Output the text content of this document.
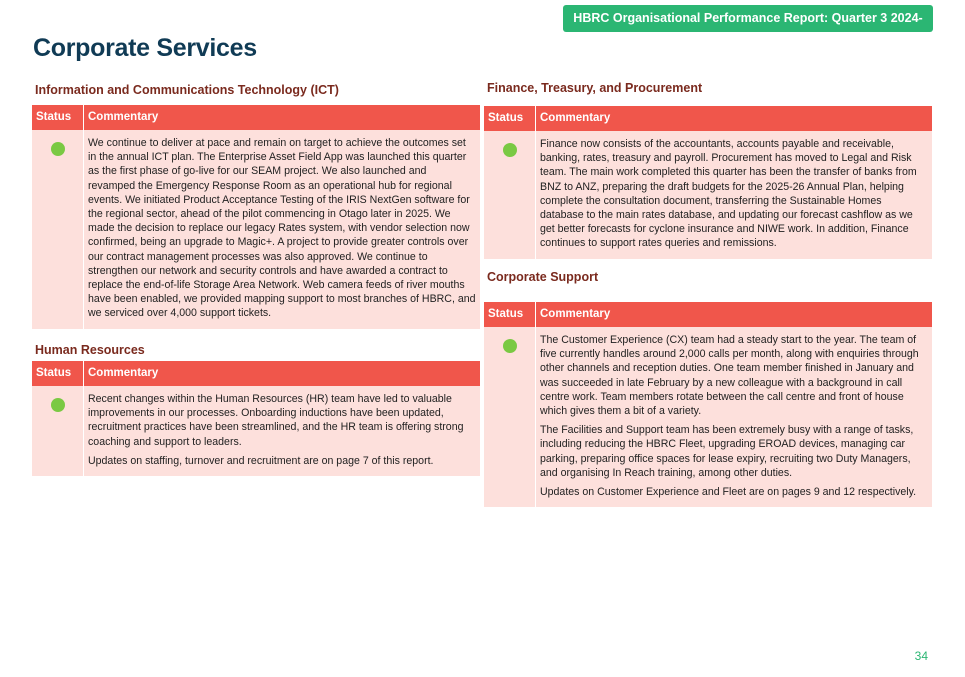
HBRC Organisational Performance Report: Quarter 3 2024-2025
Corporate Services
Information and Communications Technology (ICT)
Status	Commentary

	We continue to deliver at pace and remain on target to achieve the outcomes set in the annual ICT plan. The Enterprise Asset Field App was launched this quarter as the first phase of go-live for our SEAM project. We also launched and revamped the Emergency Response Room as an operational hub for regional events. We initiated Product Acceptance Testing of the IRIS NextGen software for the regional sector, ahead of the pilot commencing in Otago later in 2025. We made the decision to replace our legacy Rates system, with vendor selection now confirmed, being an upgrade to Magic+. A project to provide greater controls over our contract management processes was also approved. We continue to strengthen our network and security controls and have awarded a contract to replace the end-of-life Storage Area Network. Web camera feeds of river mouths have been enabled, we provided mapping support to most branches of HBRC, and we serviced over 4,000 support tickets.

Human Resources
Status	Commentary

	Recent changes within the Human Resources (HR) team have led to valuable improvements in our processes. Onboarding inductions have been updated, recruitment practices have been streamlined, and the HR team is offering strong coaching and support to leaders.

Updates on staffing, turnover and recruitment are on page 7 of this report.

Finance, Treasury, and Procurement
Status	Commentary

	Finance now consists of the accountants, accounts payable and receivable, banking, rates, treasury and payroll. Procurement has moved to Legal and Risk team. The main work completed this quarter has been the transfer of banks from BNZ to ANZ, preparing the draft budgets for the 2025-26 Annual Plan, helping complete the consultation document, transferring the Sustainable Homes database to the main rates database, and updating our forecast cashflow as we get better forecasts for cyclone insurance and NIWE work. In addition, Finance continues to support rates queries and remissions.

Corporate Support
Status	Commentary

	The Customer Experience (CX) team had a steady start to the year. The team of five currently handles around 2,000 calls per month, along with enquiries through other channels and reception duties. One team member finished in January and was succeeded in late February by a new colleague with a background in call centre work. Team members rotate between the call centre and front of house which gives them a bit of a variety.

The Facilities and Support team has been extremely busy with a range of tasks, including reducing the HBRC Fleet, upgrading EROAD devices, managing car parking, preparing office spaces for lease expiry, recruiting two Duty Managers, and organising In Reach training, among other duties.

Updates on Customer Experience and Fleet are on pages 9 and 12 respectively.

34
